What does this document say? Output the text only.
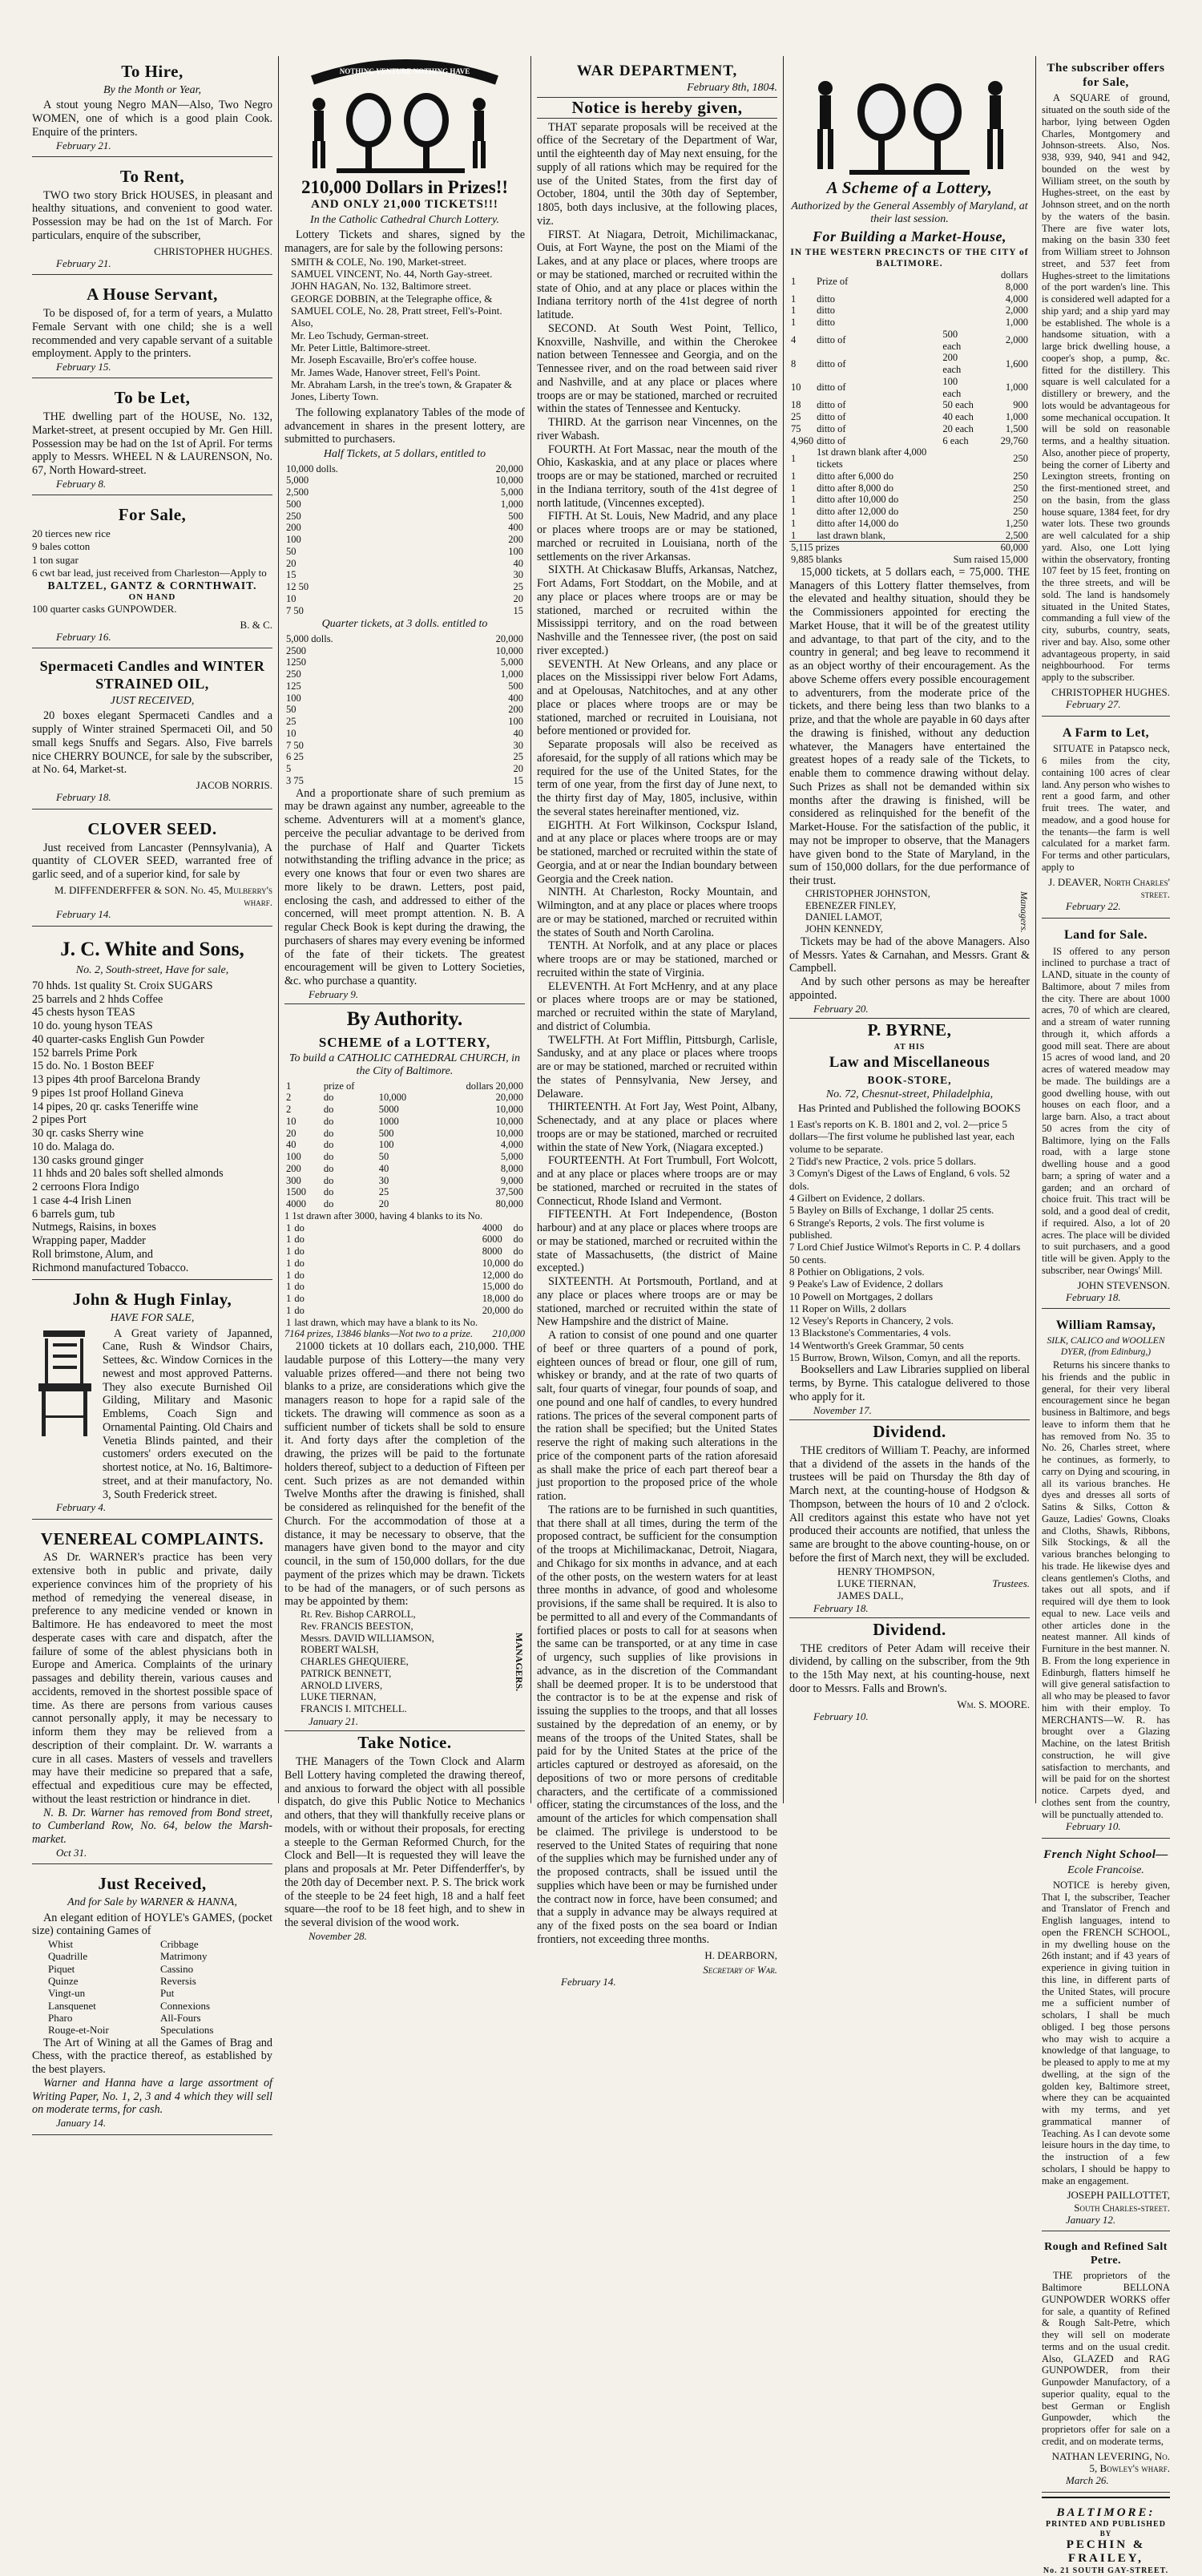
To Hire,
By the Month or Year,

A stout young Negro MAN—Also, Two Negro WOMEN, one of which is a good plain Cook. Enquire of the printers.

February 21.
To Rent,

TWO two story Brick HOUSES, in pleasant and healthy situations, and convenient to good water. Possession may be had on the 1st of March. For particulars, enquire of the subscriber,

CHRISTOPHER HUGHES.
February 21.
A House Servant,

To be disposed of, for a term of years, a Mulatto Female Servant with one child; she is a well recommended and very capable servant of a suitable employment. Apply to the printers.

February 15.
To be Let,

THE dwelling part of the HOUSE, No. 132, Market-street, at present occupied by Mr. Gen Hill. Possession may be had on the 1st of April. For terms apply to Messrs. WHEEL N & LAURENSON, No. 67, North Howard-street.

February 8.
For Sale,
20 tierces new rice
9 bales cotton
1 ton sugar
6 cwt bar lead, just received from Charleston—Apply to
BALTZEL, GANTZ & CORNTHWAIT.
ON HAND
100 quarter casks GUNPOWDER.
B. & C.
February 16.
Spermaceti Candles and WINTER STRAINED OIL,
JUST RECEIVED,

20 boxes elegant Spermaceti Candles and a supply of Winter strained Spermaceti Oil, and 50 small kegs Snuffs and Segars. Also, Five barrels nice CHERRY BOUNCE, for sale by the subscriber, at No. 64, Market-st.

JACOB NORRIS.
February 18.
CLOVER SEED.

Just received from Lancaster (Pennsylvania), A quantity of CLOVER SEED, warranted free of garlic seed, and of a superior kind, for sale by

M. DIFFENDERFFER & SON. No. 45, Mulberry's wharf.
February 14.
J. C. White and Sons,
No. 2, South-street, Have for sale,
70 hhds. 1st quality St. Croix SUGARS
25 barrels and 2 hhds Coffee
45 chests hyson TEAS
10 do. young hyson TEAS
40 quarter-casks English Gun Powder
152 barrels Prime Pork
15 do. No. 1 Boston BEEF
13 pipes 4th proof Barcelona Brandy
9 pipes 1st proof Holland Gineva
14 pipes, 20 qr. casks Teneriffe wine
2 pipes Port
30 qr. casks Sherry wine
10 do. Malaga do.
130 casks ground ginger
11 hhds and 20 bales soft shelled almonds
2 cerroons Flora Indigo
1 case 4-4 Irish Linen
6 barrels gum, tub
Nutmegs, Raisins, in boxes
Wrapping paper, Madder
Roll brimstone, Alum, and
Richmond manufactured Tobacco.
John & Hugh Finlay,
HAVE FOR SALE,

A Great variety of Japanned, Cane, Rush & Windsor Chairs, Settees, &c. Window Cornices in the newest and most approved Patterns. They also execute Burnished Oil Gilding, Military and Masonic Emblems, Coach Sign and Ornamental Painting. Old Chairs and Venetia Blinds painted, and their customers' orders executed on the shortest notice, at No. 16, Baltimore-street, and at their manufactory, No. 3, South Frederick street.

February 4.
VENEREAL COMPLAINTS.

AS Dr. WARNER's practice has been very extensive both in public and private, daily experience convinces him of the propriety of his method of remedying the venereal disease, in preference to any medicine vended or known in Baltimore. He has endeavored to meet the most desperate cases with care and dispatch, after the failure of some of the ablest physicians both in Europe and America. Complaints of the urinary passages and debility therein, various causes and accidents, removed in the shortest possible space of time. As there are persons from various causes cannot personally apply, it may be necessary to inform them they may be relieved from a description of their complaint. Dr. W. warrants a cure in all cases. Masters of vessels and travellers may have their medicine so prepared that a safe, effectual and expeditious cure may be effected, without the least restriction or hindrance in diet.

N. B. Dr. Warner has removed from Bond street, to Cumberland Row, No. 64, below the Marsh-market.

Oct 31.
Just Received,
And for Sale by WARNER & HANNA,

An elegant edition of HOYLE's GAMES, (pocket size) containing Games of

Whist	Cribbage
Quadrille	Matrimony
Piquet	Cassino
Quinze	Reversis
Vingt-un	Put
Lansquenet	Connexions
Pharo	All-Fours
Rouge-et-Noir	Speculations

The Art of Wining at all the Games of Brag and Chess, with the practice thereof, as established by the best players.

Warner and Hanna have a large assortment of Writing Paper, No. 1, 2, 3 and 4 which they will sell on moderate terms, for cash.

January 14.
NOTHING VENTURE NOTHING HAVE
210,000 Dollars in Prizes!!
AND ONLY 21,000 TICKETS!!!
In the Catholic Cathedral Church Lottery.

Lottery Tickets and shares, signed by the managers, are for sale by the following persons:

SMITH & COLE, No. 190, Market-street.
SAMUEL VINCENT, No. 44, North Gay-street.
JOHN HAGAN, No. 132, Baltimore street.
GEORGE DOBBIN, at the Telegraphe office, & SAMUEL COLE, No. 28, Pratt street, Fell's-Point.
Also,
Mr. Leo Tschudy, German-street.
Mr. Peter Little, Baltimore-street.
Mr. Joseph Escavaille, Bro'er's coffee house.
Mr. James Wade, Hanover street, Fell's Point.
Mr. Abraham Larsh, in the tree's town, & Grapater & Jones, Liberty Town.

The following explanatory Tables of the mode of advancement in shares in the present lottery, are submitted to purchasers.

Half Tickets, at 5 dollars, entitled to
10,000 dolls.	20,000
5,000	10,000
2,500	5,000
500	1,000
250	500
200	400
100	200
50	100
20	40
15	30
12 50	25
10	20
7 50	15
Quarter tickets, at 3 dolls. entitled to
5,000 dolls.	20,000
2500	10,000
1250	5,000
250	1,000
125	500
100	400
50	200
25	100
10	40
7 50	30
6 25	25
5	20
3 75	15

And a proportionate share of such premium as may be drawn against any number, agreeable to the scheme. Adventurers will at a moment's glance, perceive the peculiar advantage to be derived from the purchase of Half and Quarter Tickets notwithstanding the trifling advance in the price; as every one knows that four or even two shares are more likely to be drawn. Letters, post paid, enclosing the cash, and addressed to either of the concerned, will meet prompt attention. N. B. A regular Check Book is kept during the drawing, the purchasers of shares may every evening be informed of the fate of their tickets. The greatest encouragement will be given to Lottery Societies, &c. who purchase a quantity.

February 9.
By Authority.
SCHEME of a LOTTERY,
To build a CATHOLIC CATHEDRAL CHURCH, in the City of Baltimore.
1	prize of		dollars 20,000
2	do	10,000	20,000
2	do	5000	10,000
10	do	1000	10,000
20	do	500	10,000
40	do	100	4,000
100	do	50	5,000
200	do	40	8,000
300	do	30	9,000
1500	do	25	37,500
4000	do	20	80,000
1 1st drawn after 3000, having 4 blanks to its No.
1	do	4000	do
1	do	6000	do
1	do	8000	do
1	do	10,000	do
1	do	12,000	do
1	do	15,000	do
1	do	18,000	do
1	do	20,000	do
1	last drawn, which may have a blank to its No.		
7164 prizes, 13846 blanks—Not two to a prize. 210,000

21000 tickets at 10 dollars each, 210,000. THE laudable purpose of this Lottery—the many very valuable prizes offered—and there not being two blanks to a prize, are considerations which give the managers reason to hope for a rapid sale of the tickets. The drawing will commence as soon as a sufficient number of tickets shall be sold to ensure it. And forty days after the completion of the drawing, the prizes will be paid to the fortunate holders thereof, subject to a deduction of Fifteen per cent. Such prizes as are not demanded within Twelve Months after the drawing is finished, shall be considered as relinquished for the benefit of the Church. For the accommodation of those at a distance, it may be necessary to observe, that the managers have given bond to the mayor and city council, in the sum of 150,000 dollars, for the due payment of the prizes which may be drawn. Tickets to be had of the managers, or of such persons as may be appointed by them:

Rt. Rev. Bishop CARROLL,
Rev. FRANCIS BEESTON,
Messrs. DAVID WILLIAMSON,
ROBERT WALSH,
CHARLES GHEQUIERE,
PATRICK BENNETT,
ARNOLD LIVERS,
LUKE TIERNAN,
FRANCIS I. MITCHELL.
MANAGERS.
January 21.
Take Notice.

THE Managers of the Town Clock and Alarm Bell Lottery having completed the drawing thereof, and anxious to forward the object with all possible dispatch, do give this Public Notice to Mechanics and others, that they will thankfully receive plans or models, with or without their proposals, for erecting a steeple to the German Reformed Church, for the Clock and Bell—It is requested they will leave the plans and proposals at Mr. Peter Diffenderffer's, by the 20th day of December next. P. S. The brick work of the steeple to be 24 feet high, 18 and a half feet square—the roof to be 18 feet high, and to shew in the several division of the wood work.

November 28.
WAR DEPARTMENT,
February 8th, 1804.
Notice is hereby given,

THAT separate proposals will be received at the office of the Secretary of the Department of War, until the eighteenth day of May next ensuing, for the supply of all rations which may be required for the use of the United States, from the first day of October, 1804, until the 30th day of September, 1805, both days inclusive, at the following places, viz.

FIRST. At Niagara, Detroit, Michilimackanac, Ouis, at Fort Wayne, the post on the Miami of the Lakes, and at any place or places, where troops are or may be stationed, marched or recruited within the state of Ohio, and at any place or places within the Indiana territory north of the 41st degree of north latitude.

SECOND. At South West Point, Tellico, Knoxville, Nashville, and within the Cherokee nation between Tennessee and Georgia, and on the Tennessee river, and on the road between said river and Nashville, and at any place or places where troops are or may be stationed, marched or recruited within the states of Tennessee and Kentucky.

THIRD. At the garrison near Vincennes, on the river Wabash.

FOURTH. At Fort Massac, near the mouth of the Ohio, Kaskaskia, and at any place or places where troops are or may be stationed, marched or recruited in the Indiana territory, south of the 41st degree of north latitude, (Vincennes excepted).

FIFTH. At St. Louis, New Madrid, and any place or places where troops are or may be stationed, marched or recruited in Louisiana, north of the settlements on the river Arkansas.

SIXTH. At Chickasaw Bluffs, Arkansas, Natchez, Fort Adams, Fort Stoddart, on the Mobile, and at any place or places where troops are or may be stationed, marched or recruited within the Mississippi territory, and on the road between Nashville and the Tennessee river, (the post on said river excepted.)

SEVENTH. At New Orleans, and any place or places on the Mississippi river below Fort Adams, and at Opelousas, Natchitoches, and at any other place or places where troops are or may be stationed, marched or recruited in Louisiana, not before mentioned or provided for.

Separate proposals will also be received as aforesaid, for the supply of all rations which may be required for the use of the United States, for the term of one year, from the first day of June next, to the thirty first day of May, 1805, inclusive, within the several states hereinafter mentioned, viz.

EIGHTH. At Fort Wilkinson, Cockspur Island, and at any place or places where troops are or may be stationed, marched or recruited within the state of Georgia, and at or near the Indian boundary between Georgia and the Creek nation.

NINTH. At Charleston, Rocky Mountain, and Wilmington, and at any place or places where troops are or may be stationed, marched or recruited within the states of South and North Carolina.

TENTH. At Norfolk, and at any place or places where troops are or may be stationed, marched or recruited within the state of Virginia.

ELEVENTH. At Fort McHenry, and at any place or places where troops are or may be stationed, marched or recruited within the state of Maryland, and district of Columbia.

TWELFTH. At Fort Mifflin, Pittsburgh, Carlisle, Sandusky, and at any place or places where troops are or may be stationed, marched or recruited within the states of Pennsylvania, New Jersey, and Delaware.

THIRTEENTH. At Fort Jay, West Point, Albany, Schenectady, and at any place or places where troops are or may be stationed, marched or recruited within the state of New York, (Niagara excepted.)

FOURTEENTH. At Fort Trumbull, Fort Wolcott, and at any place or places where troops are or may be stationed, marched or recruited in the states of Connecticut, Rhode Island and Vermont.

FIFTEENTH. At Fort Independence, (Boston harbour) and at any place or places where troops are or may be stationed, marched or recruited within the state of Massachusetts, (the district of Maine excepted.)

SIXTEENTH. At Portsmouth, Portland, and at any place or places where troops are or may be stationed, marched or recruited within the state of New Hampshire and the district of Maine.

A ration to consist of one pound and one quarter of beef or three quarters of a pound of pork, eighteen ounces of bread or flour, one gill of rum, whiskey or brandy, and at the rate of two quarts of salt, four quarts of vinegar, four pounds of soap, and one pound and one half of candles, to every hundred rations. The prices of the several component parts of the ration shall be specified; but the United States reserve the right of making such alterations in the price of the component parts of the ration aforesaid as shall make the price of each part thereof bear a just proportion to the proposed price of the whole ration.

The rations are to be furnished in such quantities, that there shall at all times, during the term of the proposed contract, be sufficient for the consumption of the troops at Michilimackanac, Detroit, Niagara, and Chikago for six months in advance, and at each of the other posts, on the western waters for at least three months in advance, of good and wholesome provisions, if the same shall be required. It is also to be permitted to all and every of the Commandants of fortified places or posts to call for at seasons when the same can be transported, or at any time in case of urgency, such supplies of like provisions in advance, as in the discretion of the Commandant shall be deemed proper. It is to be understood that the contractor is to be at the expense and risk of issuing the supplies to the troops, and that all losses sustained by the depredation of an enemy, or by means of the troops of the United States, shall be paid for by the United States at the price of the articles captured or destroyed as aforesaid, on the depositions of two or more persons of creditable characters, and the certificate of a commissioned officer, stating the circumstances of the loss, and the amount of the articles for which compensation shall be claimed. The privilege is understood to be reserved to the United States of requiring that none of the supplies which may be furnished under any of the proposed contracts, shall be issued until the supplies which have been or may be furnished under the contract now in force, have been consumed; and that a supply in advance may be always required at any of the fixed posts on the sea board or Indian frontiers, not exceeding three months.

H. DEARBORN,
Secretary of War.
February 14.
A Scheme of a Lottery,
Authorized by the General Assembly of Maryland, at their last session.
For Building a Market-House,
IN THE WESTERN PRECINCTS OF THE CITY of BALTIMORE.
1	Prize of		dollars 8,000
1	ditto		4,000
1	ditto		2,000
1	ditto		1,000
4	ditto of	500 each	2,000
8	ditto of	200 each	1,600
10	ditto of	100 each	1,000
18	ditto of	50 each	900
25	ditto of	40 each	1,000
75	ditto of	20 each	1,500
4,960	ditto of	6 each	29,760
1	1st drawn blank after 4,000 tickets		250
1	ditto after 6,000 do		250
1	ditto after 8,000 do		250
1	ditto after 10,000 do		250
1	ditto after 12,000 do		250
1	ditto after 14,000 do		1,250
1	last drawn blank,		2,500
5,115 prizes	60,000
9,885 blanks	Sum raised 15,000

15,000 tickets, at 5 dollars each, = 75,000. THE Managers of this Lottery flatter themselves, from the elevated and healthy situation, should they be the Commissioners appointed for erecting the Market House, that it will be of the greatest utility and advantage, to that part of the city, and to the country in general; and beg leave to recommend it as an object worthy of their encouragement. As the above Scheme offers every possible encouragement to adventurers, from the moderate price of the tickets, and there being less than two blanks to a prize, and that the whole are payable in 60 days after the drawing is finished, without any deduction whatever, the Managers have entertained the greatest hopes of a ready sale of the Tickets, to enable them to commence drawing without delay. Such Prizes as shall not be demanded within six months after the drawing is finished, will be considered as relinquished for the benefit of the Market-House. For the satisfaction of the public, it may not be improper to observe, that the Managers have given bond to the State of Maryland, in the sum of 150,000 dollars, for the due performance of their trust.

CHRISTOPHER JOHNSTON,
EBENEZER FINLEY,
DANIEL LAMOT,
JOHN KENNEDY,	Managers.

Tickets may be had of the above Managers. Also of Messrs. Yates & Carnahan, and Messrs. Grant & Campbell.

And by such other persons as may be hereafter appointed.

February 20.
P. BYRNE,
AT HIS
Law and Miscellaneous
BOOK-STORE,
No. 72, Chesnut-street, Philadelphia,
Has Printed and Published the following BOOKS
1 East's reports on K. B. 1801 and 2, vol. 2—price 5 dollars—The first volume he published last year, each volume to be separate.
2 Tidd's new Practice, 2 vols. price 5 dollars.
3 Comyn's Digest of the Laws of England, 6 vols. 52 dols.
4 Gilbert on Evidence, 2 dollars.
5 Bayley on Bills of Exchange, 1 dollar 25 cents.
6 Strange's Reports, 2 vols. The first volume is published.
7 Lord Chief Justice Wilmot's Reports in C. P. 4 dollars 50 cents.
8 Pothier on Obligations, 2 vols.
9 Peake's Law of Evidence, 2 dollars
10 Powell on Mortgages, 2 dollars
11 Roper on Wills, 2 dollars
12 Vesey's Reports in Chancery, 2 vols.
13 Blackstone's Commentaries, 4 vols.
14 Wentworth's Greek Grammar, 50 cents
15 Burrow, Brown, Wilson, Comyn, and all the reports.

Booksellers and Law Libraries supplied on liberal terms, by Byrne. This catalogue delivered to those who apply for it.

November 17.
Dividend.

THE creditors of William T. Peachy, are informed that a dividend of the assets in the hands of the trustees will be paid on Thursday the 8th day of March next, at the counting-house of Hodgson & Thompson, between the hours of 10 and 2 o'clock. All creditors against this estate who have not yet produced their accounts are notified, that unless the same are brought to the above counting-house, on or before the first of March next, they will be excluded.

HENRY THOMPSON,
LUKE TIERNAN,
JAMES DALL,
Trustees.
February 18.
Dividend.

THE creditors of Peter Adam will receive their dividend, by calling on the subscriber, from the 9th to the 15th May next, at his counting-house, next door to Messrs. Falls and Brown's.

Wm. S. MOORE.
February 10.
The subscriber offers for Sale,

A SQUARE of ground, situated on the south side of the harbor, lying between Ogden Charles, Montgomery and Johnson-streets. Also, Nos. 938, 939, 940, 941 and 942, bounded on the west by William street, on the south by Hughes-street, on the east by Johnson street, and on the north by the waters of the basin. There are five water lots, making on the basin 330 feet from William street to Johnson street, and 537 feet from Hughes-street to the limitations of the port warden's line. This is considered well adapted for a ship yard; and a ship yard may be established. The whole is a handsome situation, with a large brick dwelling house, a cooper's shop, a pump, &c. fitted for the distillery. This square is well calculated for a distillery or brewery, and the lots would be advantageous for some mechanical occupation. It will be sold on reasonable terms, and a healthy situation. Also, another piece of property, being the corner of Liberty and Lexington streets, fronting on the first-mentioned street, and on the basin, from the glass house square, 1384 feet, for dry water lots. These two grounds are well calculated for a ship yard. Also, one Lott lying within the observatory, fronting 107 feet by 15 feet, fronting on the three streets, and will be sold. The land is handsomely situated in the United States, commanding a full view of the city, suburbs, country, seats, river and bay. Also, some other advantageous property, in said neighbourhood. For terms apply to the subscriber.

CHRISTOPHER HUGHES.
February 27.
A Farm to Let,

SITUATE in Patapsco neck, 6 miles from the city, containing 100 acres of clear land. Any person who wishes to rent a good farm, and other fruit trees. The water, and meadow, and a good house for the tenants—the farm is well calculated for a market farm. For terms and other particulars, apply to

J. DEAVER, North Charles' street.
February 22.
Land for Sale.

IS offered to any person inclined to purchase a tract of LAND, situate in the county of Baltimore, about 7 miles from the city. There are about 1000 acres, 70 of which are cleared, and a stream of water running through it, which affords a good mill seat. There are about 15 acres of wood land, and 20 acres of watered meadow may be made. The buildings are a good dwelling house, with out houses on each floor, and a large barn. Also, a tract about 50 acres from the city of Baltimore, lying on the Falls road, with a large stone dwelling house and a good barn; a spring of water and a garden; and an orchard of choice fruit. This tract will be sold, and a good deal of credit, if required. Also, a lot of 20 acres. The place will be divided to suit purchasers, and a good title will be given. Apply to the subscriber, near Owings' Mill.

JOHN STEVENSON.
February 18.
William Ramsay,
SILK, CALICO and WOOLLEN DYER, (from Edinburg,)

Returns his sincere thanks to his friends and the public in general, for their very liberal encouragement since he began business in Baltimore, and begs leave to inform them that he has removed from No. 35 to No. 26, Charles street, where he continues, as formerly, to carry on Dying and scouring, in all its various branches. He dyes and dresses all sorts of Satins & Silks, Cotton & Gauze, Ladies' Gowns, Cloaks and Cloths, Shawls, Ribbons, Silk Stockings, & all the various branches belonging to his trade. He likewise dyes and cleans gentlemen's Cloths, and takes out all spots, and if required will dye them to look equal to new. Lace veils and other articles done in the neatest manner. All kinds of Furniture in the best manner. N. B. From the long experience in Edinburgh, flatters himself he will give general satisfaction to all who may be pleased to favor him with their employ. To MERCHANTS—W. R. has brought over a Glazing Machine, on the latest British construction, he will give satisfaction to merchants, and will be paid for on the shortest notice. Carpets dyed, and clothes sent from the country, will be punctually attended to.

February 10.
French Night School—
Ecole Francoise.

NOTICE is hereby given, That I, the subscriber, Teacher and Translator of French and English languages, intend to open the FRENCH SCHOOL, in my dwelling house on the 26th instant; and if 43 years of experience in giving tuition in this line, in different parts of the United States, will procure me a sufficient number of scholars, I shall be much obliged. I beg those persons who may wish to acquire a knowledge of that language, to be pleased to apply to me at my dwelling, at the sign of the golden key, Baltimore street, where they can be acquainted with my terms, and yet grammatical manner of Teaching. As I can devote some leisure hours in the day time, to the instruction of a few scholars, I should be happy to make an engagement.

JOSEPH PAILLOTTET, South Charles-street.
January 12.
Rough and Refined Salt Petre.

THE proprietors of the Baltimore BELLONA GUNPOWDER WORKS offer for sale, a quantity of Refined & Rough Salt-Petre, which they will sell on moderate terms and on the usual credit. Also, GLAZED and RAG GUNPOWDER, from their Gunpowder Manufactory, of a superior quality, equal to the best German or English Gunpowder, which the proprietors offer for sale on a credit, and on moderate terms,

NATHAN LEVERING, No. 5, Bowley's wharf.
March 26.
BALTIMORE:
PRINTED AND PUBLISHED
BY
PECHIN & FRAILEY,
No. 21 SOUTH GAY-STREET.
